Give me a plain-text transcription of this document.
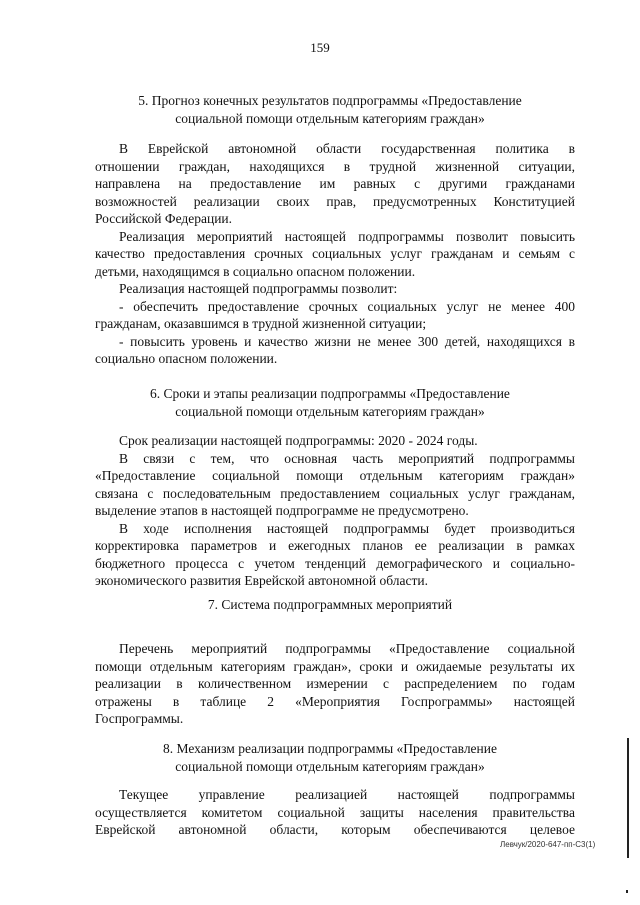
159
5. Прогноз конечных результатов подпрограммы «Предоставление
социальной помощи отдельным категориям граждан»
В Еврейской автономной области государственная политика в
отношении граждан, находящихся в трудной жизненной ситуации,
направлена на предоставление им равных с другими гражданами
возможностей реализации своих прав, предусмотренных Конституцией
Российской Федерации.
Реализация мероприятий настоящей подпрограммы позволит повысить
качество предоставления срочных социальных услуг гражданам и семьям с
детьми, находящимся в социально опасном положении.
Реализация настоящей подпрограммы позволит:
- обеспечить предоставление срочных социальных услуг не менее 400
гражданам, оказавшимся в трудной жизненной ситуации;
- повысить уровень и качество жизни не менее 300 детей, находящихся в
социально опасном положении.
6. Сроки и этапы реализации подпрограммы «Предоставление
социальной помощи отдельным категориям граждан»
Срок реализации настоящей подпрограммы: 2020 - 2024 годы.
В связи с тем, что основная часть мероприятий подпрограммы
«Предоставление социальной помощи отдельным категориям граждан»
связана с последовательным предоставлением социальных услуг гражданам,
выделение этапов в настоящей подпрограмме не предусмотрено.
В ходе исполнения настоящей подпрограммы будет производиться
корректировка параметров и ежегодных планов ее реализации в рамках
бюджетного процесса с учетом тенденций демографического и социально-
экономического развития Еврейской автономной области.
7. Система подпрограммных мероприятий
Перечень мероприятий подпрограммы «Предоставление социальной
помощи отдельным категориям граждан», сроки и ожидаемые результаты их
реализации в количественном измерении с распределением по годам
отражены в таблице 2 «Мероприятия Госпрограммы» настоящей
Госпрограммы.
8. Механизм реализации подпрограммы «Предоставление
социальной помощи отдельным категориям граждан»
Текущее управление реализацией настоящей подпрограммы
осуществляется комитетом социальной защиты населения правительства
Еврейской автономной области, которым обеспечиваются целевое
Левчук/2020-647-пп-С3(1)
